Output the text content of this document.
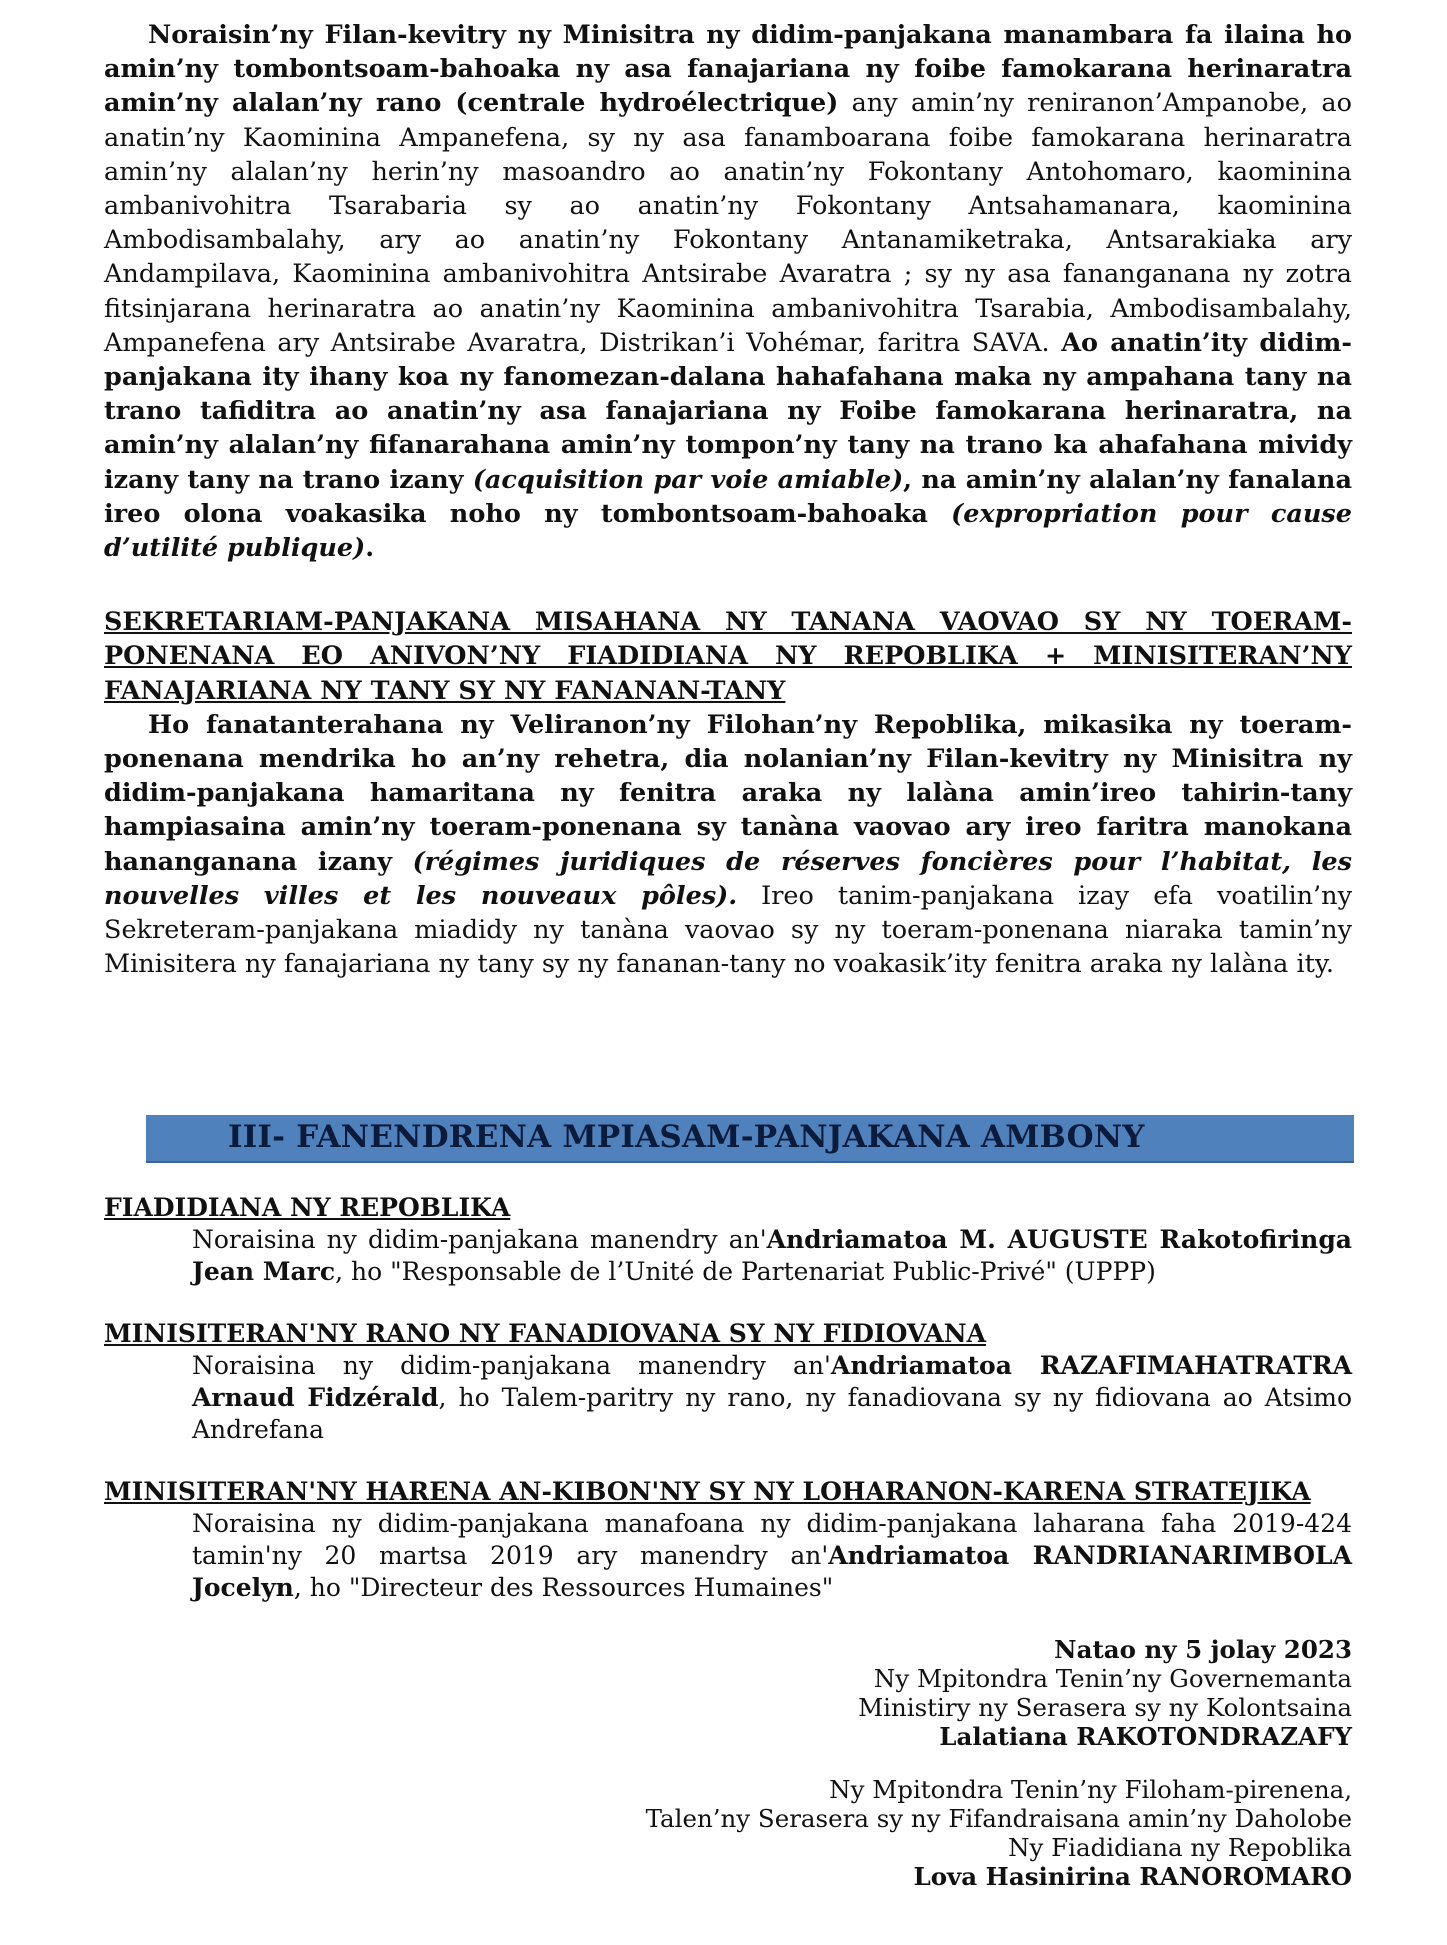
Noraisin’ny Filan-kevitry ny Minisitra ny didim-panjakana manambara fa ilaina ho amin’ny tombontsoam-bahoaka ny asa fanajariana ny foibe famokarana herinaratra amin’ny alalan’ny rano (centrale hydroélectrique) any amin’ny reniranon’Ampanobe, ao anatin’ny Kaominina Ampanefena, sy ny asa fanamboarana foibe famokarana herinaratra amin’ny alalan’ny herin’ny masoandro ao anatin’ny Fokontany Antohomaro, kaominina ambanivohitra Tsarabaria sy ao anatin’ny Fokontany Antsahamanara, kaominina Ambodisambalahy, ary ao anatin’ny Fokontany Antanamiketraka, Antsarakiaka ary Andampilava, Kaominina ambanivohitra Antsirabe Avaratra ; sy ny asa fananganana ny zotra fitsinjarana herinaratra ao anatin’ny Kaominina ambanivohitra Tsarabia, Ambodisambalahy, Ampanefena ary Antsirabe Avaratra, Distrikan’i Vohémar, faritra SAVA. Ao anatin’ity didim-panjakana ity ihany koa ny fanomezan-dalana hahafahana maka ny ampahana tany na trano tafiditra ao anatin’ny asa fanajariana ny Foibe famokarana herinaratra, na amin’ny alalan’ny fifanarahana amin’ny tompon’ny tany na trano ka ahafahana mividy izany tany na trano izany (acquisition par voie amiable), na amin’ny alalan’ny fanalana ireo olona voakasika noho ny tombontsoam-bahoaka (expropriation pour cause d’utilité publique).

SEKRETARIAM-PANJAKANA MISAHANA NY TANANA VAOVAO SY NY TOERAM-PONENANA EO ANIVON’NY FIADIDIANA NY REPOBLIKA + MINISITERAN’NY FANAJARIANA NY TANY SY NY FANANAN-TANY

Ho fanatanterahana ny Veliranon’ny Filohan’ny Repoblika, mikasika ny toeram-ponenana mendrika ho an’ny rehetra, dia nolanian’ny Filan-kevitry ny Minisitra ny didim-panjakana hamaritana ny fenitra araka ny lalàna amin’ireo tahirin-tany hampiasaina amin’ny toeram-ponenana sy tanàna vaovao ary ireo faritra manokana hananganana izany (régimes juridiques de réserves foncières pour l’habitat, les nouvelles villes et les nouveaux pôles). Ireo tanim-panjakana izay efa voatilin’ny Sekreteram-panjakana miadidy ny tanàna vaovao sy ny toeram-ponenana niaraka tamin’ny Minisitera ny fanajariana ny tany sy ny fananan-tany no voakasik’ity fenitra araka ny lalàna ity.

III- FANENDRENA MPIASAM-PANJAKANA AMBONY
FIADIDIANA NY REPOBLIKA
Noraisina ny didim-panjakana manendry an'Andriamatoa M. AUGUSTE Rakotofiringa Jean Marc, ho "Responsable de l’Unité de Partenariat Public-Privé" (UPPP)
MINISITERAN'NY RANO NY FANADIOVANA SY NY FIDIOVANA
Noraisina ny didim-panjakana manendry an'Andriamatoa RAZAFIMAHATRATRA Arnaud Fidzérald, ho Talem-paritry ny rano, ny fanadiovana sy ny fidiovana ao Atsimo Andrefana
MINISITERAN'NY HARENA AN-KIBON'NY SY NY LOHARANON-KARENA STRATEJIKA
Noraisina ny didim-panjakana manafoana ny didim-panjakana laharana faha 2019-424 tamin'ny 20 martsa 2019 ary manendry an'Andriamatoa RANDRIANARIMBOLA Jocelyn, ho "Directeur des Ressources Humaines"
Natao ny 5 jolay 2023
Ny Mpitondra Tenin’ny Governemanta
Ministiry ny Serasera sy ny Kolontsaina
Lalatiana RAKOTONDRAZAFY
Ny Mpitondra Tenin’ny Filoham-pirenena,
Talen’ny Serasera sy ny Fifandraisana amin’ny Daholobe
Ny Fiadidiana ny Repoblika
Lova Hasinirina RANOROMARO
